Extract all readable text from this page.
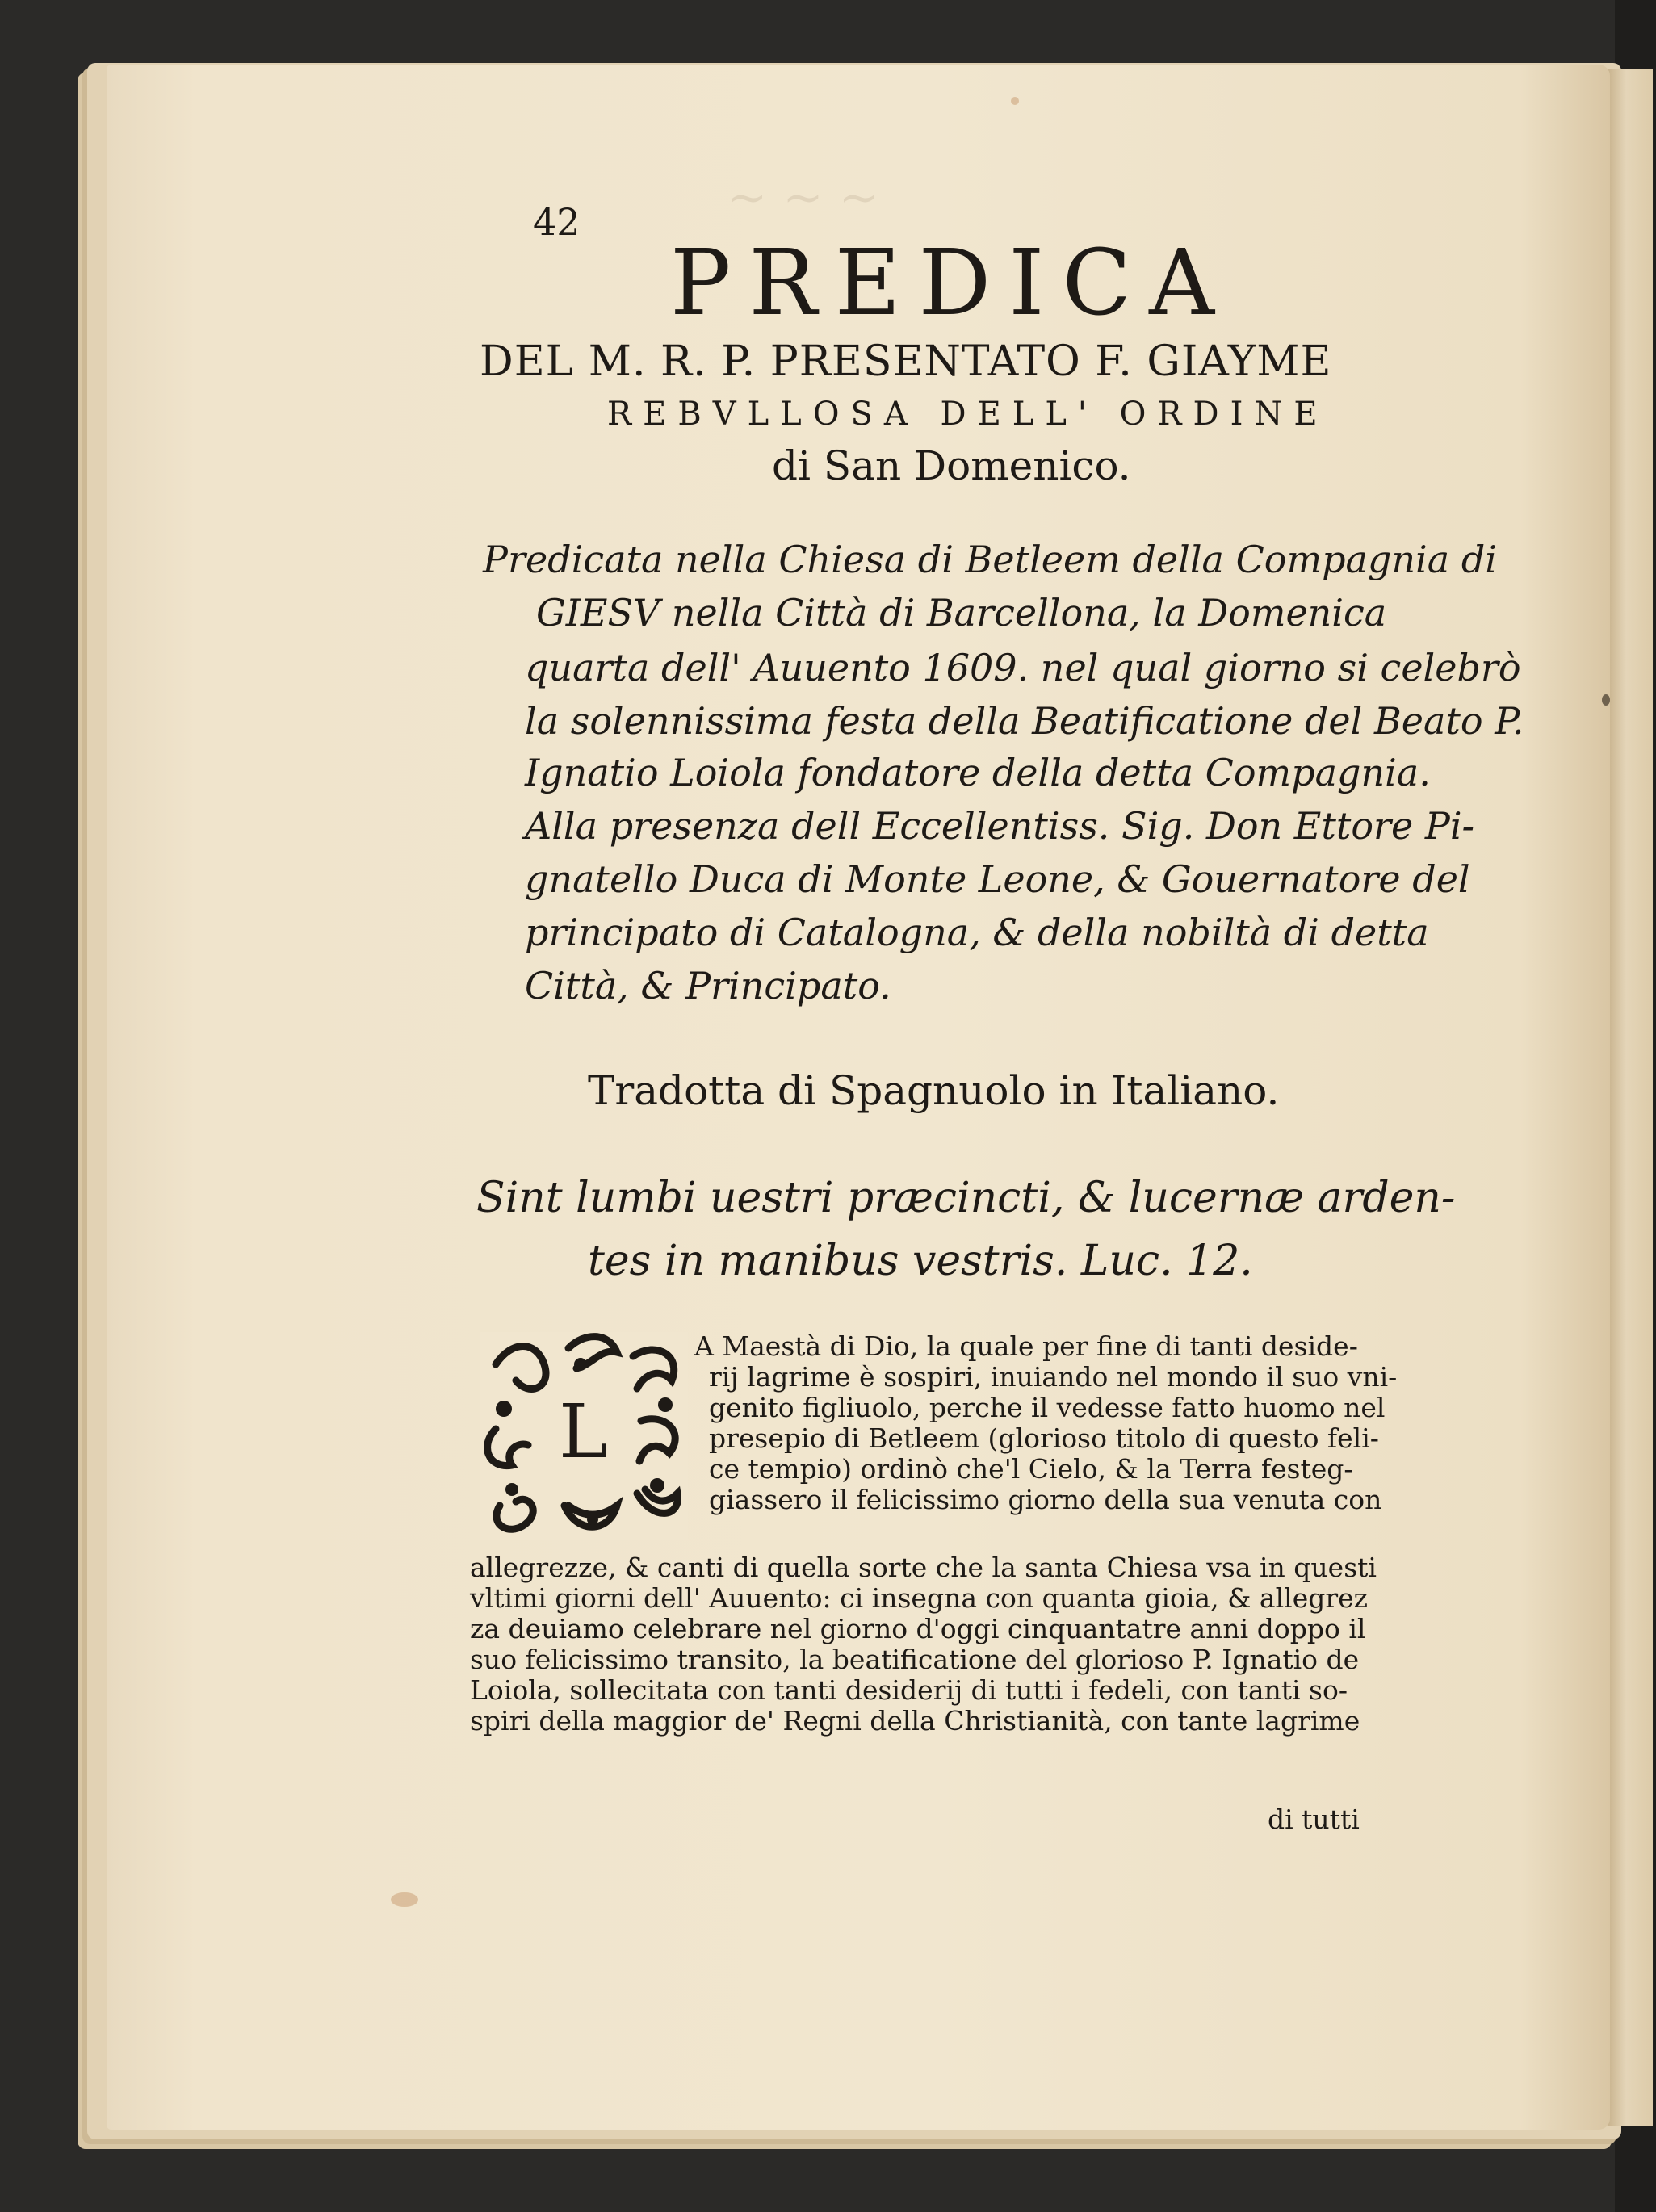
~ ~ ~
42
PREDICA
DEL M. R. P. PRESENTATO F. GIAYME
REBVLLOSA DELL' ORDINE
di San Domenico.
Predicata nella Chiesa di Betleem della Compagnia di
GIESV nella Città di Barcellona, la Domenica
quarta dell' Auuento 1609. nel qual giorno si celebrò
la solennissima festa della Beatificatione del Beato P.
Ignatio Loiola fondatore della detta Compagnia.
Alla presenza dell Eccellentiss. Sig. Don Ettore Pi-
gnatello Duca di Monte Leone, & Gouernatore del
principato di Catalogna, & della nobiltà di detta
Città, & Principato.
Tradotta di Spagnuolo in Italiano.
Sint lumbi uestri præcincti, & lucernæ arden-
tes in manibus vestris. Luc. 12.
L
A Maestà di Dio, la quale per fine di tanti deside-
rij lagrime è sospiri, inuiando nel mondo il suo vni-
genito figliuolo, perche il vedesse fatto huomo nel
presepio di Betleem (glorioso titolo di questo feli-
ce tempio) ordinò che'l Cielo, & la Terra festeg-
giassero il felicissimo giorno della sua venuta con
allegrezze, & canti di quella sorte che la santa Chiesa vsa in questi
vltimi giorni dell' Auuento: ci insegna con quanta gioia, & allegrez
za deuiamo celebrare nel giorno d'oggi cinquantatre anni doppo il
suo felicissimo transito, la beatificatione del glorioso P. Ignatio de
Loiola, sollecitata con tanti desiderij di tutti i fedeli, con tanti so-
spiri della maggior de' Regni della Christianità, con tante lagrime
di tutti
